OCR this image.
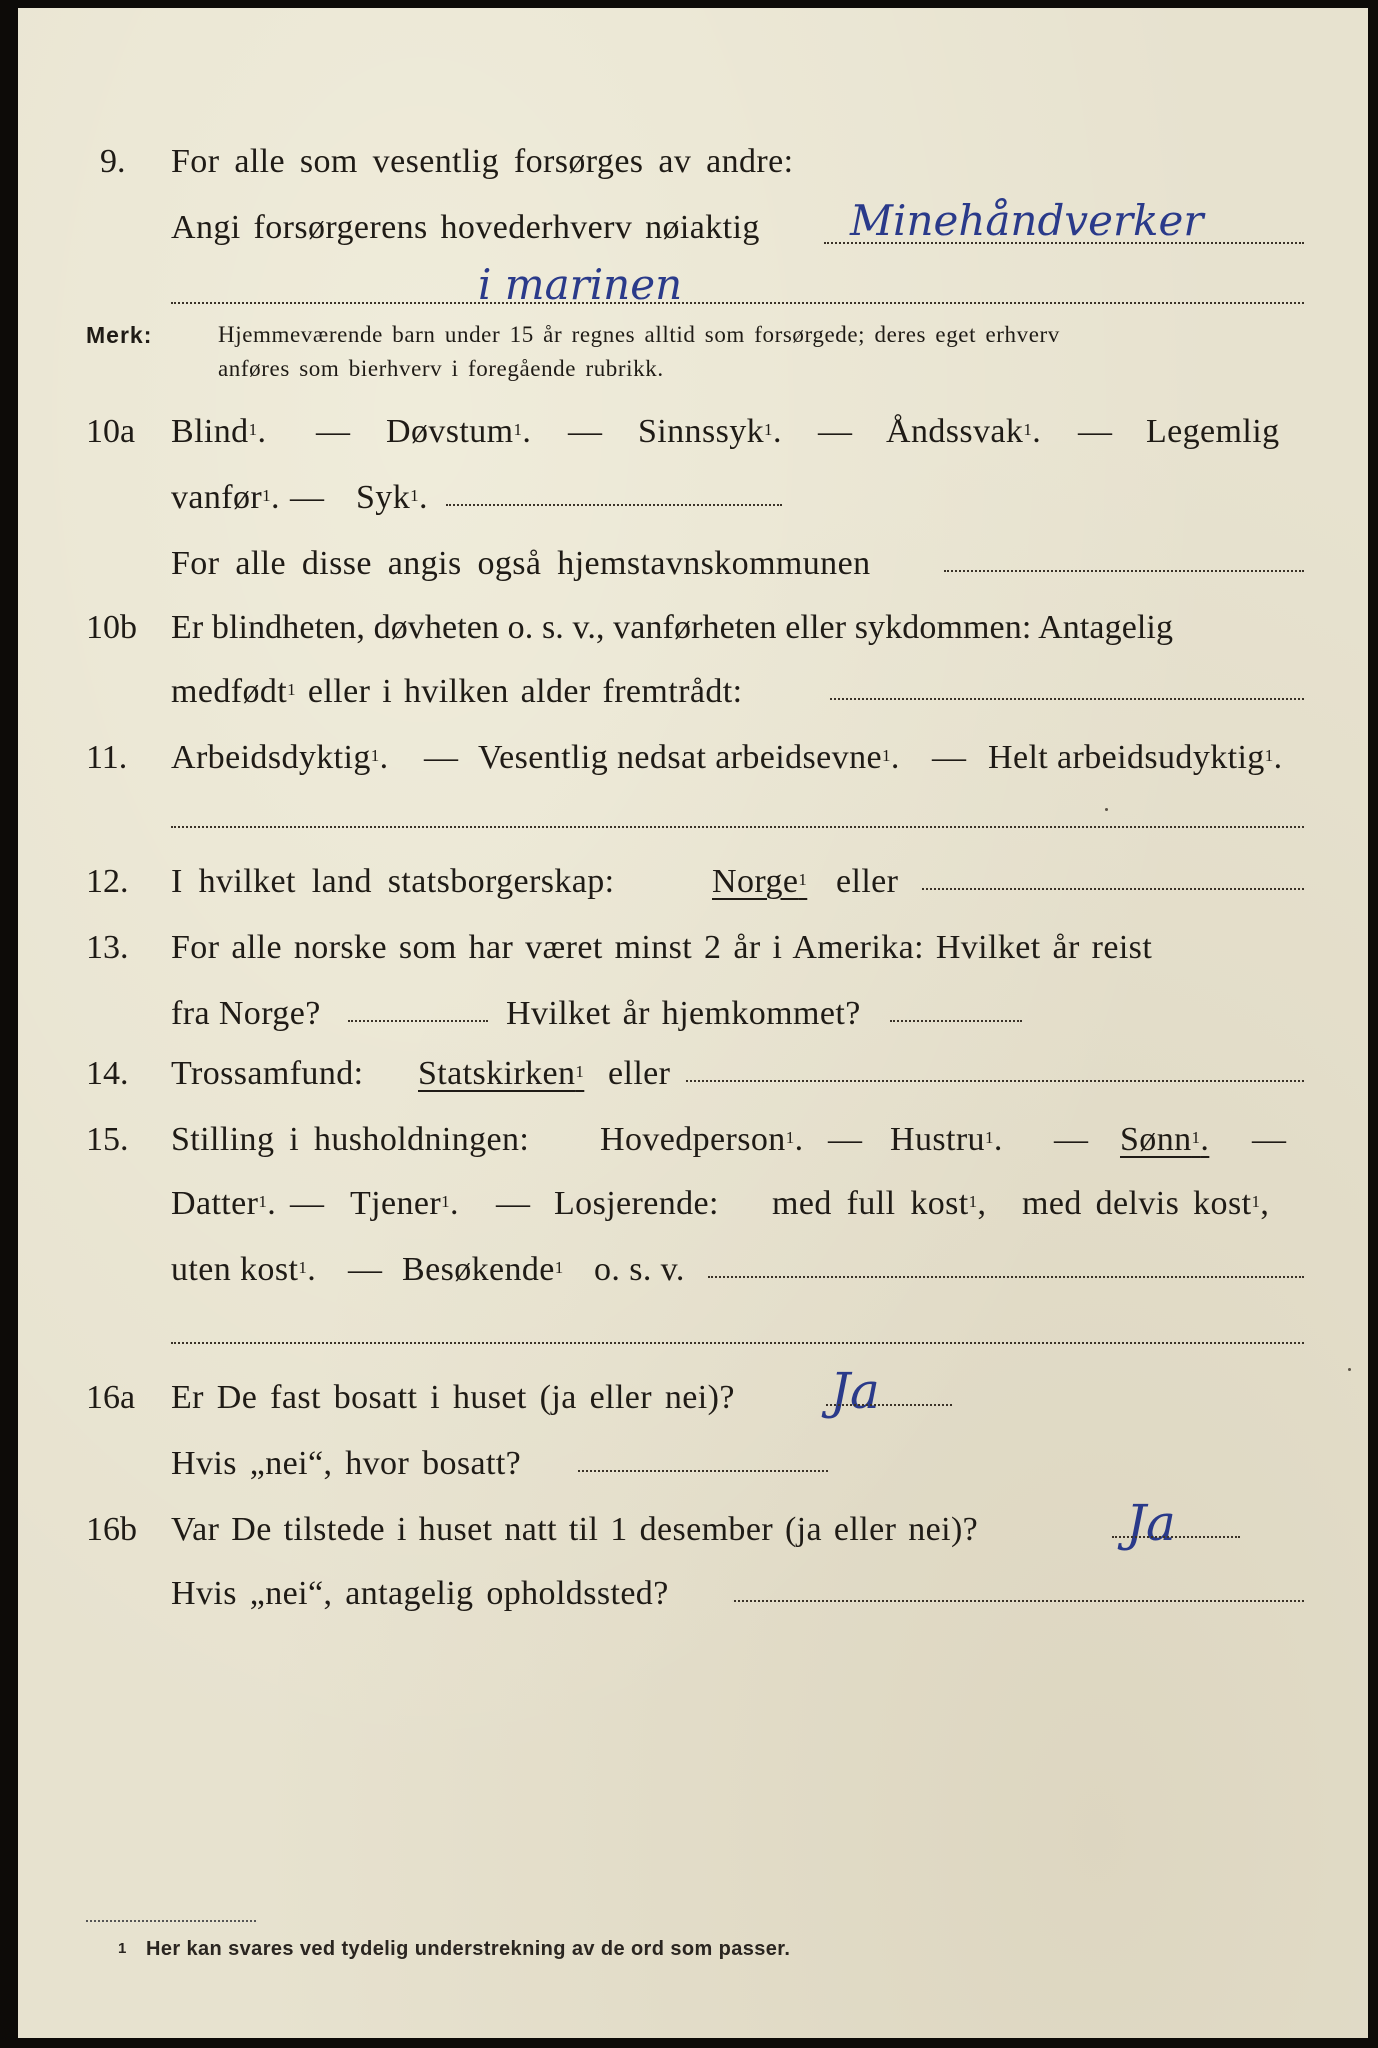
9. For alle som vesentlig forsørges av andre:
Angi forsørgerens hovederhverv nøiaktig Minehåndverker
i marinen
Merk:	Hjemmeværende barn under 15 år regnes alltid som forsørgede; deres eget erhverv
anføres som bierhverv i foregående rubrikk.
10a Blind$^1$. — Døvstum$^1$. — Sinnssyk$^1$. — Åndssvak$^1$. — Legemlig
vanfør$^1$. — Syk$^1$.
For alle disse angis også hjemstavnskommunen
10b Er blindheten, døvheten o. s. v., vanførheten eller sykdommen: Antagelig
medfødt$^1$ eller i hvilken alder fremtrådt:
11. Arbeidsdyktig$^1$. — Vesentlig nedsat arbeidsevne$^1$. — Helt arbeidsudyktig$^1$.
12. I hvilket land statsborgerskap:	Norge$^1$ eller
13. For alle norske som har været minst 2 år i Amerika: Hvilket år reist
fra Norge?	Hvilket år hjemkommet?
14. Trossamfund: Statskirken$^1$ eller
15. Stilling i husholdningen: Hovedperson$^1$. — Hustru$^1$. — Sønn$^1$. —
Datter$^1$. — Tjener$^1$. — Losjerende: med full kost$^1$, med delvis kost$^1$,
uten kost$^1$. — Besøkende$^1$ o. s. v.
16a Er De fast bosatt i huset (ja eller nei)? Ja
Hvis „nei“, hvor bosatt?
16b Var De tilstede i huset natt til 1 desember (ja eller nei)?	Ja
Hvis „nei“, antagelig opholdssted?
1 Her kan svares ved tydelig understrekning av de ord som passer.
